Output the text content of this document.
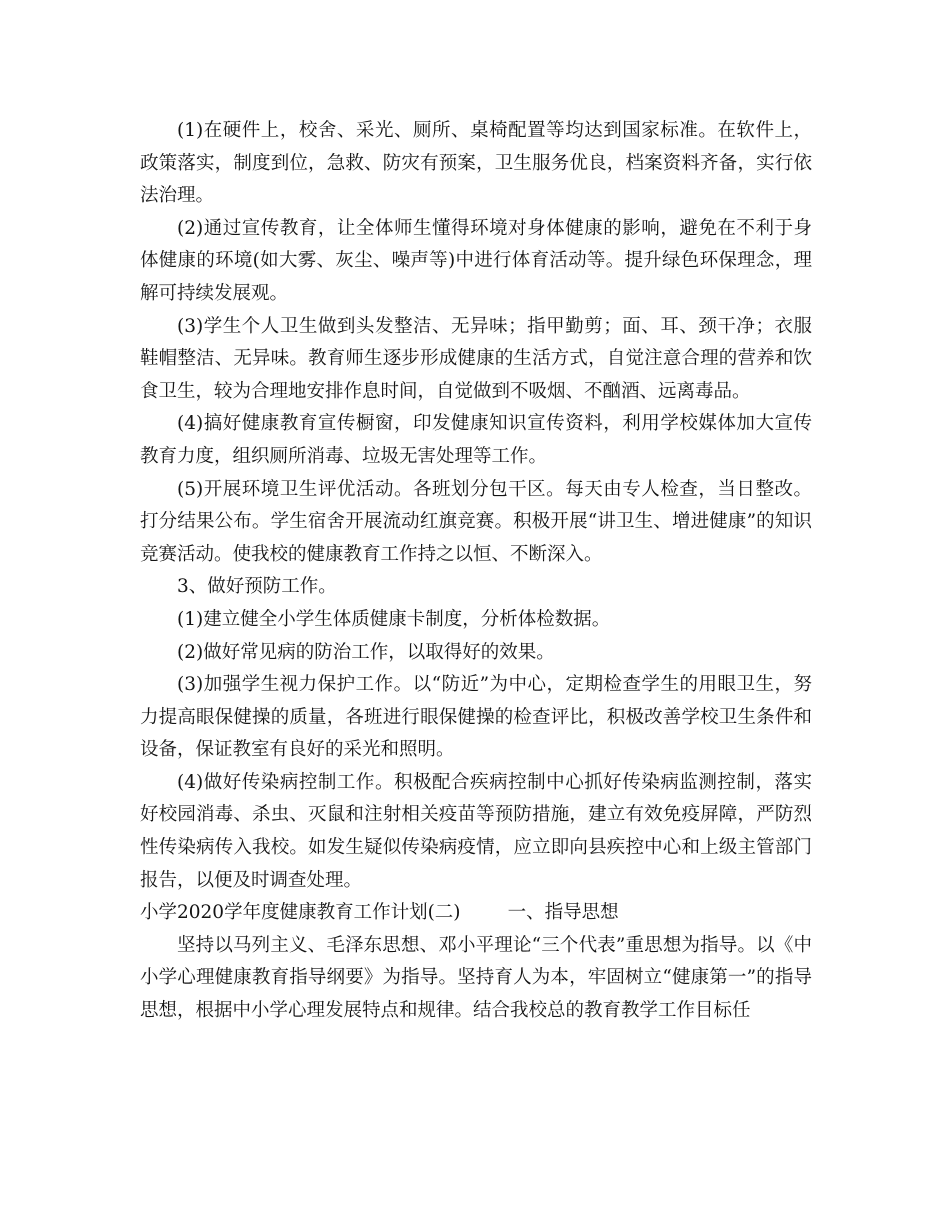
(1)在硬件上，校舍、采光、厕所、桌椅配置等均达到国家标准。在软件上，政策落实，制度到位，急救、防灾有预案，卫生服务优良，档案资料齐备，实行依法治理。

(2)通过宣传教育，让全体师生懂得环境对身体健康的影响，避免在不利于身体健康的环境(如大雾、灰尘、噪声等)中进行体育活动等。提升绿色环保理念，理解可持续发展观。

(3)学生个人卫生做到头发整洁、无异味；指甲勤剪；面、耳、颈干净；衣服鞋帽整洁、无异味。教育师生逐步形成健康的生活方式，自觉注意合理的营养和饮食卫生，较为合理地安排作息时间，自觉做到不吸烟、不酗酒、远离毒品。

(4)搞好健康教育宣传橱窗，印发健康知识宣传资料，利用学校媒体加大宣传教育力度，组织厕所消毒、垃圾无害处理等工作。

(5)开展环境卫生评优活动。各班划分包干区。每天由专人检查，当日整改。打分结果公布。学生宿舍开展流动红旗竞赛。积极开展“讲卫生、增进健康”的知识竞赛活动。使我校的健康教育工作持之以恒、不断深入。

3、做好预防工作。

(1)建立健全小学生体质健康卡制度，分析体检数据。

(2)做好常见病的防治工作，以取得好的效果。

(3)加强学生视力保护工作。以“防近”为中心，定期检查学生的用眼卫生，努力提高眼保健操的质量，各班进行眼保健操的检查评比，积极改善学校卫生条件和设备，保证教室有良好的采光和照明。

(4)做好传染病控制工作。积极配合疾病控制中心抓好传染病监测控制，落实好校园消毒、杀虫、灭鼠和注射相关疫苗等预防措施，建立有效免疫屏障，严防烈性传染病传入我校。如发生疑似传染病疫情，应立即向县疾控中心和上级主管部门报告，以便及时调查处理。

小学2020学年度健康教育工作计划(二)	一、指导思想

坚持以马列主义、毛泽东思想、邓小平理论“三个代表”重思想为指导。以《中小学心理健康教育指导纲要》为指导。坚持育人为本，牢固树立“健康第一”的指导思想，根据中小学心理发展特点和规律。结合我校总的教育教学工作目标任
